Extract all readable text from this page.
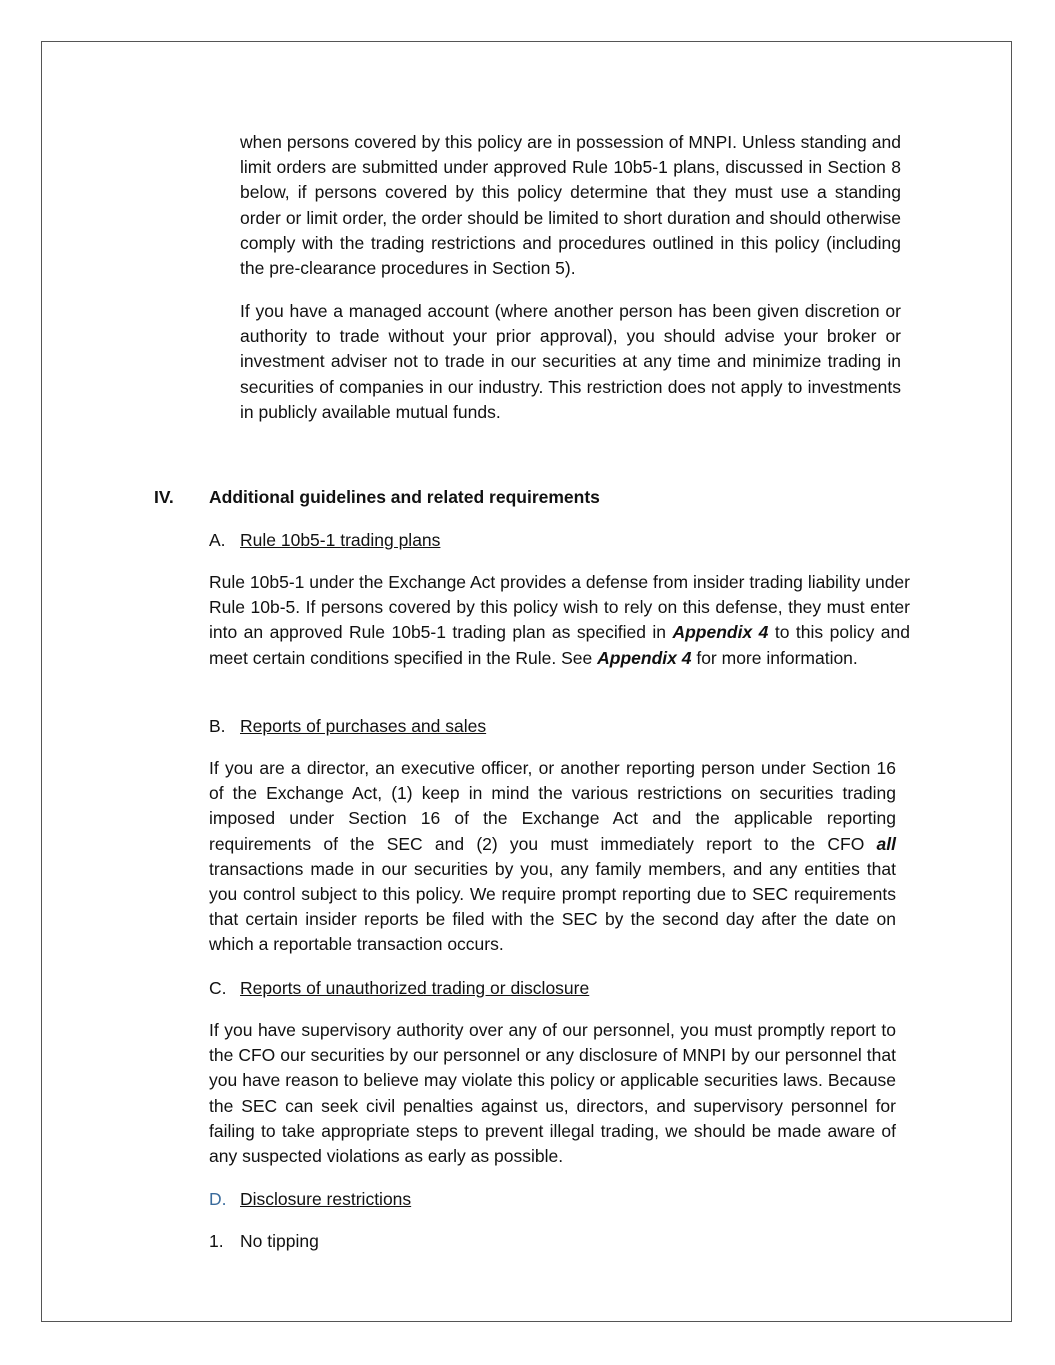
when persons covered by this policy are in possession of MNPI. Unless standing and limit orders are submitted under approved Rule 10b5-1 plans, discussed in Section 8 below, if persons covered by this policy determine that they must use a standing order or limit order, the order should be limited to short duration and should otherwise comply with the trading restrictions and procedures outlined in this policy (including the pre-clearance procedures in Section 5).

If you have a managed account (where another person has been given discretion or authority to trade without your prior approval), you should advise your broker or investment adviser not to trade in our securities at any time and minimize trading in securities of companies in our industry. This restriction does not apply to investments in publicly available mutual funds.

IV. Additional guidelines and related requirements
A. Rule 10b5-1 trading plans

Rule 10b5-1 under the Exchange Act provides a defense from insider trading liability under Rule 10b-5. If persons covered by this policy wish to rely on this defense, they must enter into an approved Rule 10b5-1 trading plan as specified in Appendix 4 to this policy and meet certain conditions specified in the Rule. See Appendix 4 for more information.

B. Reports of purchases and sales

If you are a director, an executive officer, or another reporting person under Section 16 of the Exchange Act, (1) keep in mind the various restrictions on securities trading imposed under Section 16 of the Exchange Act and the applicable reporting requirements of the SEC and (2) you must immediately report to the CFO all transactions made in our securities by you, any family members, and any entities that you control subject to this policy. We require prompt reporting due to SEC requirements that certain insider reports be filed with the SEC by the second day after the date on which a reportable transaction occurs.

C. Reports of unauthorized trading or disclosure

If you have supervisory authority over any of our personnel, you must promptly report to the CFO our securities by our personnel or any disclosure of MNPI by our personnel that you have reason to believe may violate this policy or applicable securities laws. Because the SEC can seek civil penalties against us, directors, and supervisory personnel for failing to take appropriate steps to prevent illegal trading, we should be made aware of any suspected violations as early as possible.

D. Disclosure restrictions
1. No tipping
